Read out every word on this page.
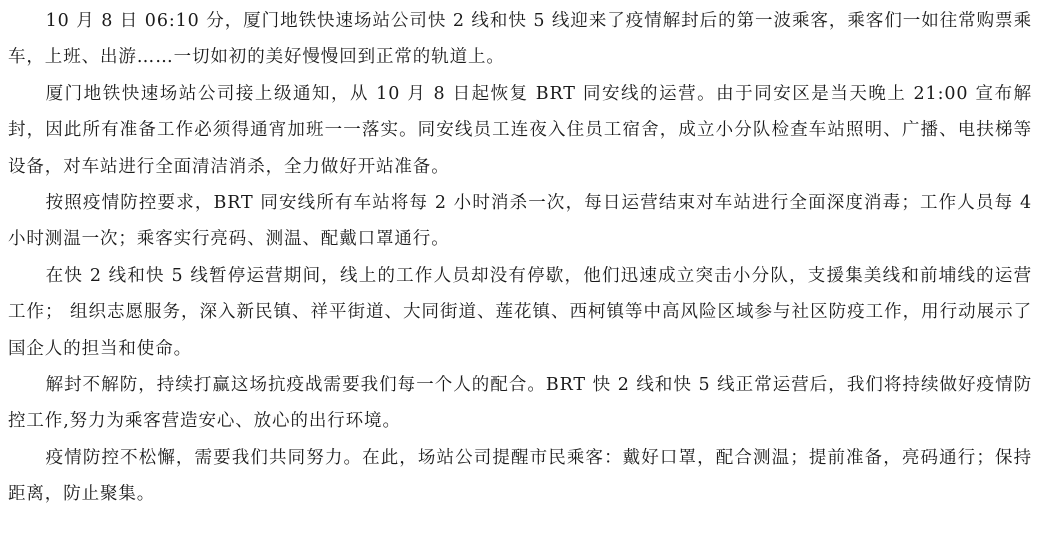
10 月 8 日 06:10 分，厦门地铁快速场站公司快 2 线和快 5 线迎来了疫情解封后的第一波乘客，乘客们一如往常购票乘车，上班、出游……一切如初的美好慢慢回到正常的轨道上。

厦门地铁快速场站公司接上级通知，从 10 月 8 日起恢复 BRT 同安线的运营。由于同安区是当天晚上 21:00 宣布解封，因此所有准备工作必须得通宵加班一一落实。同安线员工连夜入住员工宿舍，成立小分队检查车站照明、广播、电扶梯等设备，对车站进行全面清洁消杀，全力做好开站准备。

按照疫情防控要求，BRT 同安线所有车站将每 2 小时消杀一次，每日运营结束对车站进行全面深度消毒；工作人员每 4 小时测温一次；乘客实行亮码、测温、配戴口罩通行。

在快 2 线和快 5 线暂停运营期间，线上的工作人员却没有停歇，他们迅速成立突击小分队，支援集美线和前埔线的运营工作； 组织志愿服务，深入新民镇、祥平街道、大同街道、莲花镇、西柯镇等中高风险区域参与社区防疫工作，用行动展示了国企人的担当和使命。

解封不解防，持续打赢这场抗疫战需要我们每一个人的配合。BRT 快 2 线和快 5 线正常运营后，我们将持续做好疫情防控工作,努力为乘客营造安心、放心的出行环境。

疫情防控不松懈，需要我们共同努力。在此，场站公司提醒市民乘客：戴好口罩，配合测温；提前准备，亮码通行；保持距离，防止聚集。
